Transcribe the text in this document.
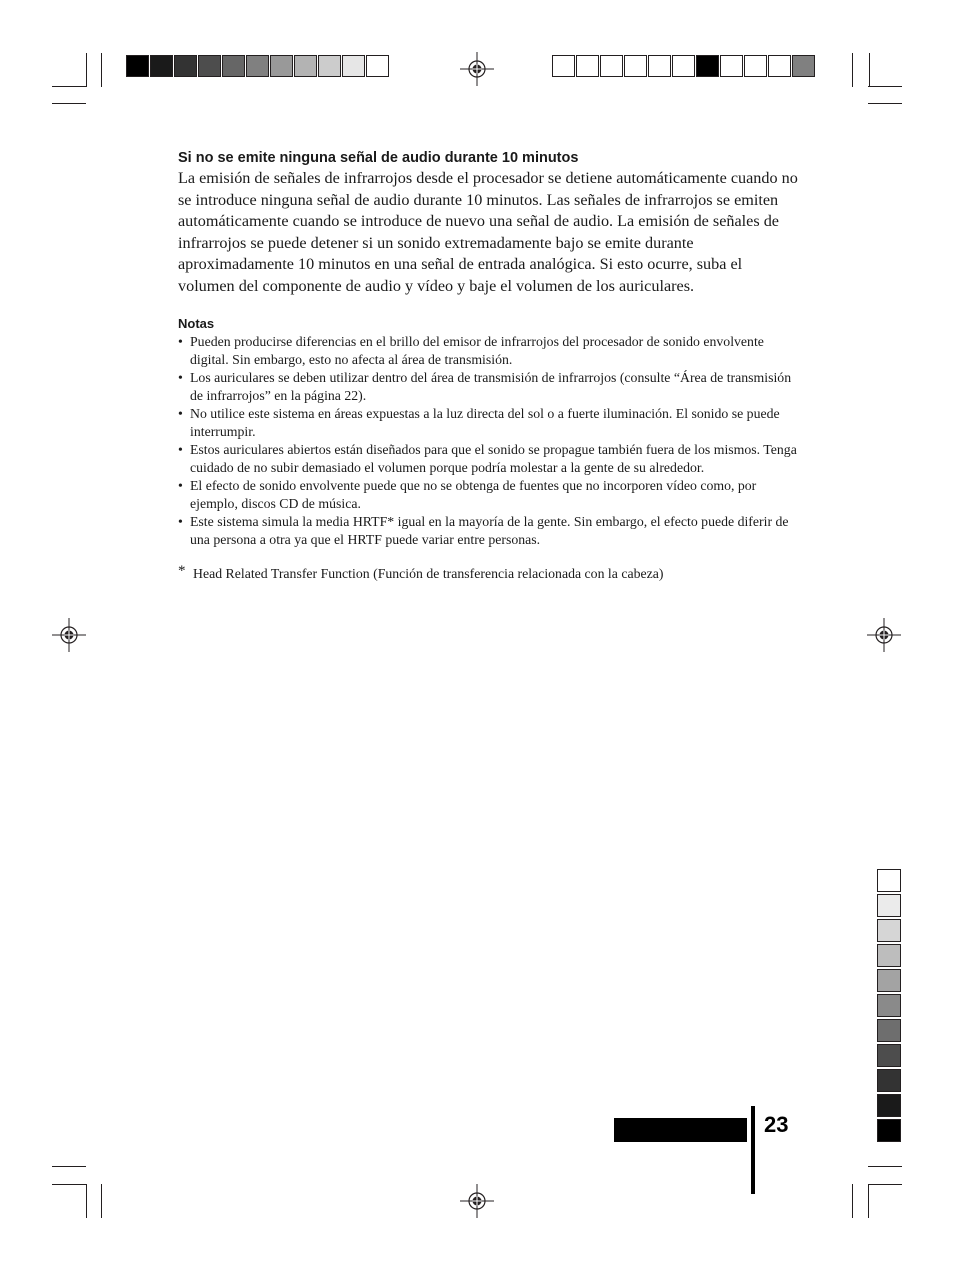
Si no se emite ninguna señal de audio durante 10 minutos

La emisión de señales de infrarrojos desde el procesador se detiene automáticamente cuando no se introduce ninguna señal de audio durante 10 minutos. Las señales de infrarrojos se emiten automáticamente cuando se introduce de nuevo una señal de audio. La emisión de señales de infrarrojos se puede detener si un sonido extremadamente bajo se emite durante aproximadamente 10 minutos en una señal de entrada analógica. Si esto ocurre, suba el volumen del componente de audio y vídeo y baje el volumen de los auriculares.

Notas
• Pueden producirse diferencias en el brillo del emisor de infrarrojos del procesador de sonido envolvente digital. Sin embargo, esto no afecta al área de transmisión.
• Los auriculares se deben utilizar dentro del área de transmisión de infrarrojos (consulte “Área de transmisión de infrarrojos” en la página 22).
• No utilice este sistema en áreas expuestas a la luz directa del sol o a fuerte iluminación. El sonido se puede interrumpir.
• Estos auriculares abiertos están diseñados para que el sonido se propague también fuera de los mismos. Tenga cuidado de no subir demasiado el volumen porque podría molestar a la gente de su alrededor.
• El efecto de sonido envolvente puede que no se obtenga de fuentes que no incorporen vídeo como, por ejemplo, discos CD de música.
• Este sistema simula la media HRTF* igual en la mayoría de la gente. Sin embargo, el efecto puede diferir de una persona a otra ya que el HRTF puede variar entre personas.
* Head Related Transfer Function (Función de transferencia relacionada con la cabeza)
23
